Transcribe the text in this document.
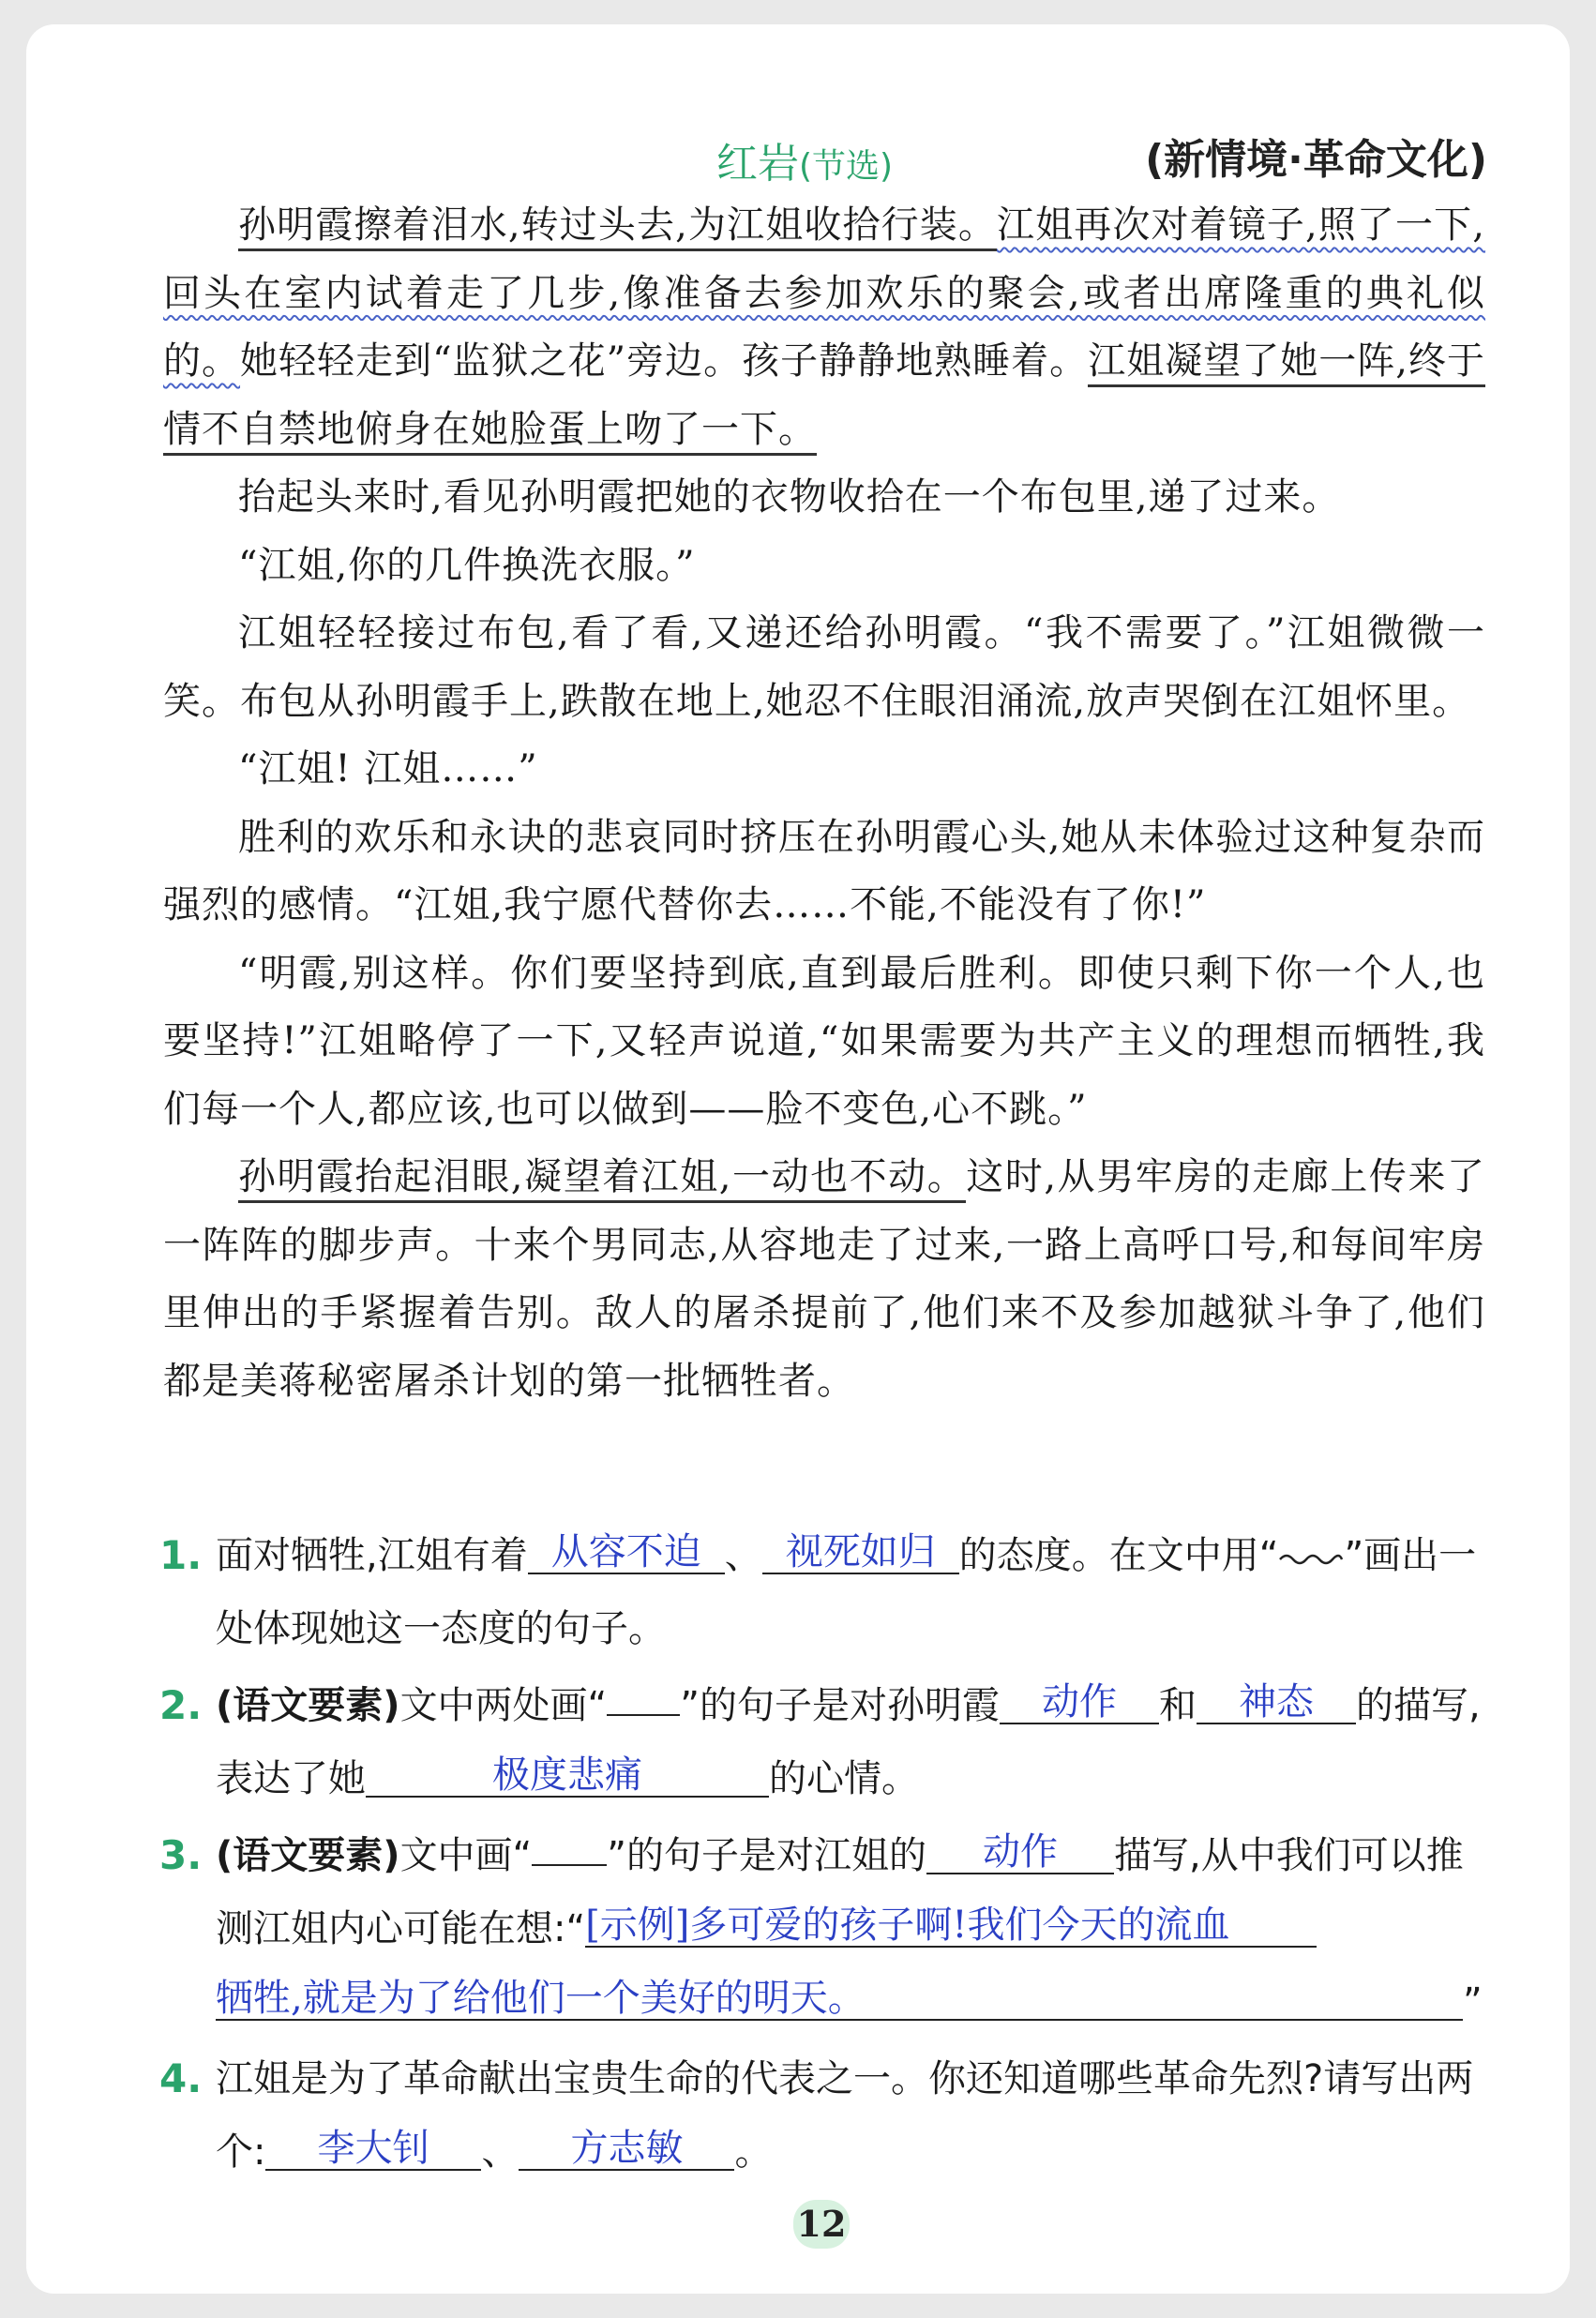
红岩(节选)	(新情境·革命文化)

孙明霞擦着泪水,转过头去,为江姐收拾行装。江姐再次对着镜子,照了一下,回头在室内试着走了几步,像准备去参加欢乐的聚会,或者出席隆重的典礼似的。她轻轻走到“监狱之花”旁边。孩子静静地熟睡着。江姐凝望了她一阵,终于情不自禁地俯身在她脸蛋上吻了一下。

抬起头来时,看见孙明霞把她的衣物收拾在一个布包里,递了过来。

“江姐,你的几件换洗衣服。”

江姐轻轻接过布包,看了看,又递还给孙明霞。“我不需要了。”江姐微微一笑。布包从孙明霞手上,跌散在地上,她忍不住眼泪涌流,放声哭倒在江姐怀里。

“江姐! 江姐……”

胜利的欢乐和永诀的悲哀同时挤压在孙明霞心头,她从未体验过这种复杂而强烈的感情。“江姐,我宁愿代替你去……不能,不能没有了你!”

“明霞,别这样。你们要坚持到底,直到最后胜利。即使只剩下你一个人,也要坚持!”江姐略停了一下,又轻声说道,“如果需要为共产主义的理想而牺牲,我们每一个人,都应该,也可以做到——脸不变色,心不跳。”

孙明霞抬起泪眼,凝望着江姐,一动也不动。这时,从男牢房的走廊上传来了一阵阵的脚步声。十来个男同志,从容地走了过来,一路上高呼口号,和每间牢房里伸出的手紧握着告别。敌人的屠杀提前了,他们来不及参加越狱斗争了,他们都是美蒋秘密屠杀计划的第一批牺牲者。

1. 面对牺牲,江姐有着 从容不迫 、 视死如归 的态度。在文中用“ ”画出一处体现她这一态度的句子。
2. (语文要素)文中两处画“ ”的句子是对孙明霞 动作 和 神态 的描写,表达了她	极度悲痛	的心情。
3. (语文要素)文中画“ ”的句子是对江姐的 动作 描写,从中我们可以推测江姐内心可能在想:“[示例]多可爱的孩子啊!我们今天的流血
牺牲,就是为了给他们一个美好的明天。	”
4. 江姐是为了革命献出宝贵生命的代表之一。你还知道哪些革命先烈?请写出两个: 李大钊 、 方志敏 。
12
